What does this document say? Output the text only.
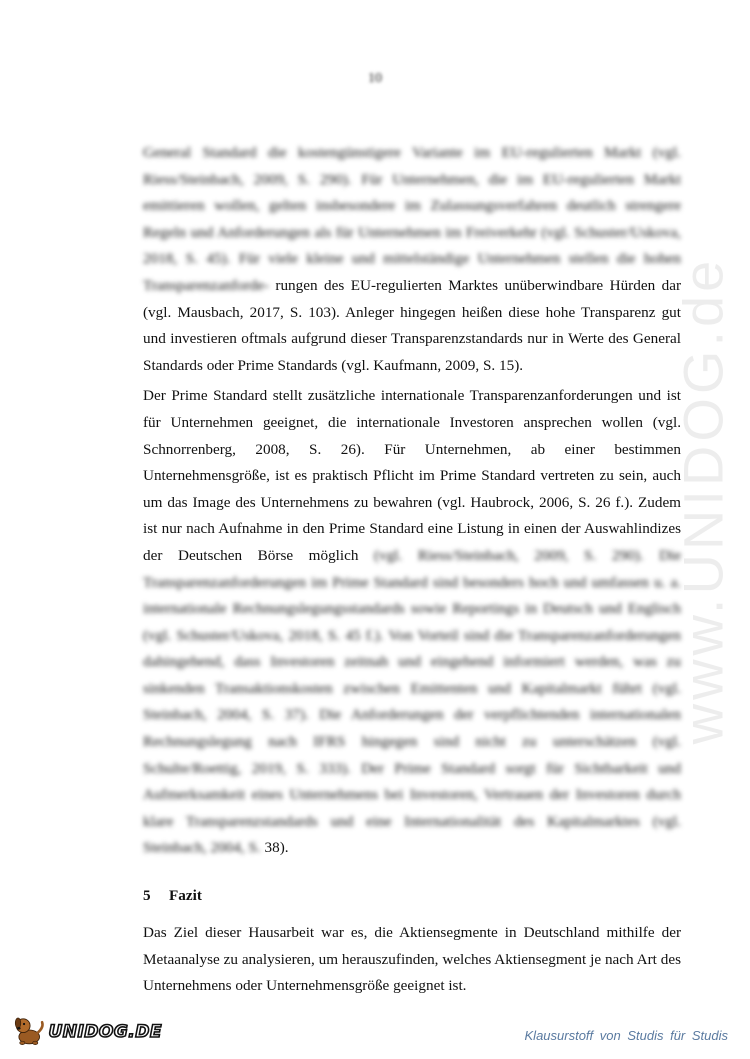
10

General Standard die kostengünstigere Variante im EU-regulierten Markt (vgl. Riess/Steinbach, 2009, S. 290). Für Unternehmen, die im EU-regulierten Markt emittieren wollen, gelten insbesondere im Zulassungsverfahren deutlich strengere Regeln und Anforderungen als für Unternehmen im Freiverkehr (vgl. Schuster/Uskova, 2018, S. 45). Für viele kleine und mittelständige Unternehmen stellen die hohen Transparenzanforde- rungen des EU-regulierten Marktes unüberwindbare Hürden dar (vgl. Mausbach, 2017, S. 103). Anleger hingegen heißen diese hohe Transparenz gut und investieren oftmals aufgrund dieser Transparenzstandards nur in Werte des General Standards oder Prime Standards (vgl. Kaufmann, 2009, S. 15).

Der Prime Standard stellt zusätzliche internationale Transparenzanforderungen und ist für Unternehmen geeignet, die internationale Investoren ansprechen wollen (vgl. Schnorrenberg, 2008, S. 26). Für Unternehmen, ab einer bestimmen Unternehmensgröße, ist es praktisch Pflicht im Prime Standard vertreten zu sein, auch um das Image des Unternehmens zu bewahren (vgl. Haubrock, 2006, S. 26 f.). Zudem ist nur nach Aufnahme in den Prime Standard eine Listung in einen der Auswahlindizes der Deutschen Börse möglich (vgl. Riess/Steinbach, 2009, S. 290). Die Transparenzanforderungen im Prime Standard sind besonders hoch und umfassen u. a. internationale Rechnungslegungsstandards sowie Reportings in Deutsch und Englisch (vgl. Schuster/Uskova, 2018, S. 45 f.). Von Vorteil sind die Transparenzanforderungen dahingehend, dass Investoren zeitnah und eingehend informiert werden, was zu sinkenden Transaktionskosten zwischen Emittenten und Kapitalmarkt führt (vgl. Steinbach, 2004, S. 37). Die Anforderungen der verpflichtenden internationalen Rechnungslegung nach IFRS hingegen sind nicht zu unterschätzen (vgl. Schulte/Roettig, 2019, S. 333). Der Prime Standard sorgt für Sichtbarkeit und Aufmerksamkeit eines Unternehmens bei Investoren, Vertrauen der Investoren durch klare Transparenzstandards und eine Internationalität des Kapitalmarktes (vgl. Steinbach, 2004, S. 38).

5	Fazit

Das Ziel dieser Hausarbeit war es, die Aktiensegmente in Deutschland mithilfe der Metaanalyse zu analysieren, um herauszufinden, welches Aktiensegment je nach Art des Unternehmens oder Unternehmensgröße geeignet ist.

www.UNIDOG.de
UNIDOG.DE	Klausurstoff von Studis für Studis
